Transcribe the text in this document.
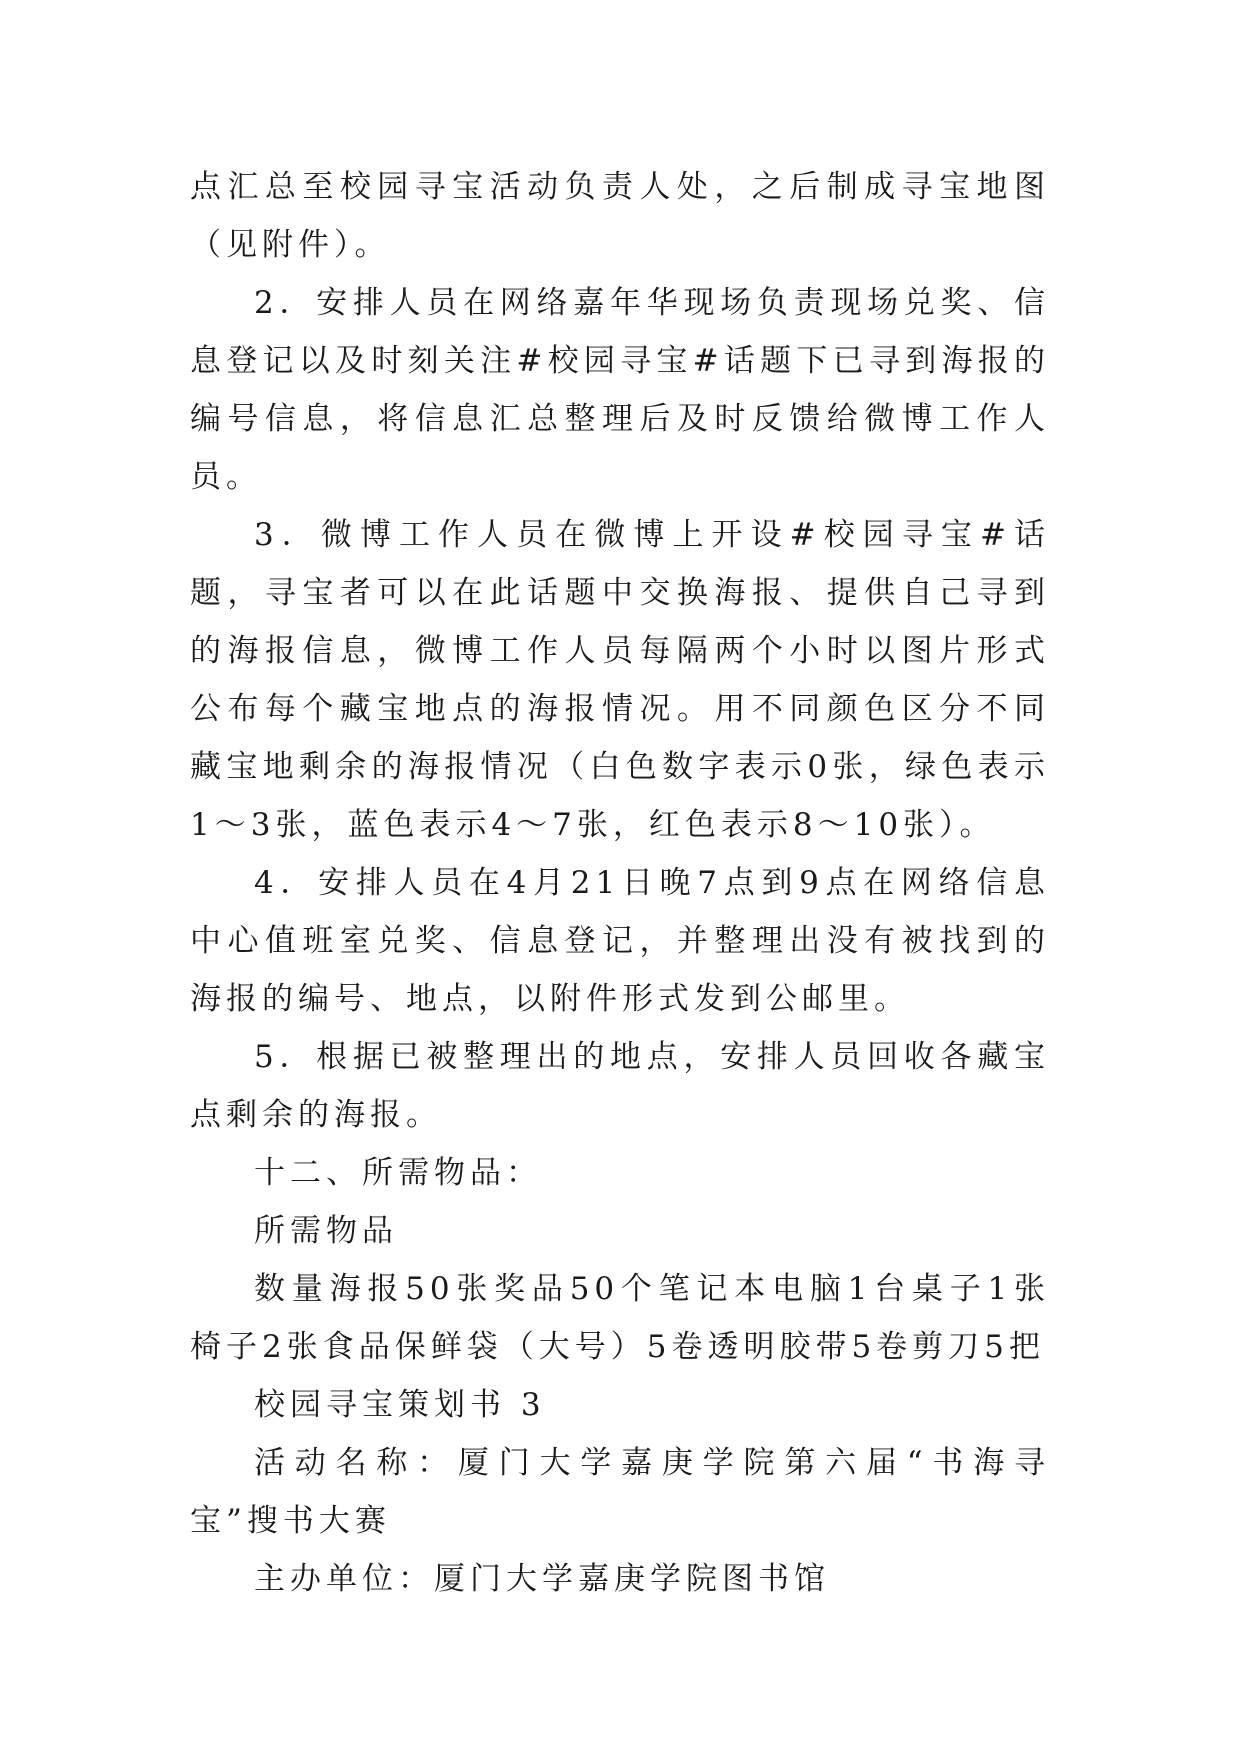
点汇总至校园寻宝活动负责人处，之后制成寻宝地图（见附件）。

2．安排人员在网络嘉年华现场负责现场兑奖、信息登记以及时刻关注#校园寻宝#话题下已寻到海报的编号信息，将信息汇总整理后及时反馈给微博工作人员。

3．微博工作人员在微博上开设#校园寻宝#话题，寻宝者可以在此话题中交换海报、提供自己寻到的海报信息，微博工作人员每隔两个小时以图片形式公布每个藏宝地点的海报情况。用不同颜色区分不同藏宝地剩余的海报情况（白色数字表示0张，绿色表示1～3张，蓝色表示4～7张，红色表示8～10张）。

4．安排人员在4月21日晚7点到9点在网络信息中心值班室兑奖、信息登记，并整理出没有被找到的海报的编号、地点，以附件形式发到公邮里。

5．根据已被整理出的地点，安排人员回收各藏宝点剩余的海报。

十二、所需物品：

所需物品

数量海报50张奖品50个笔记本电脑1台桌子1张椅子2张食品保鲜袋（大号）5卷透明胶带5卷剪刀5把

校园寻宝策划书 3

活动名称：厦门大学嘉庚学院第六届“书海寻宝”搜书大赛

主办单位：厦门大学嘉庚学院图书馆
